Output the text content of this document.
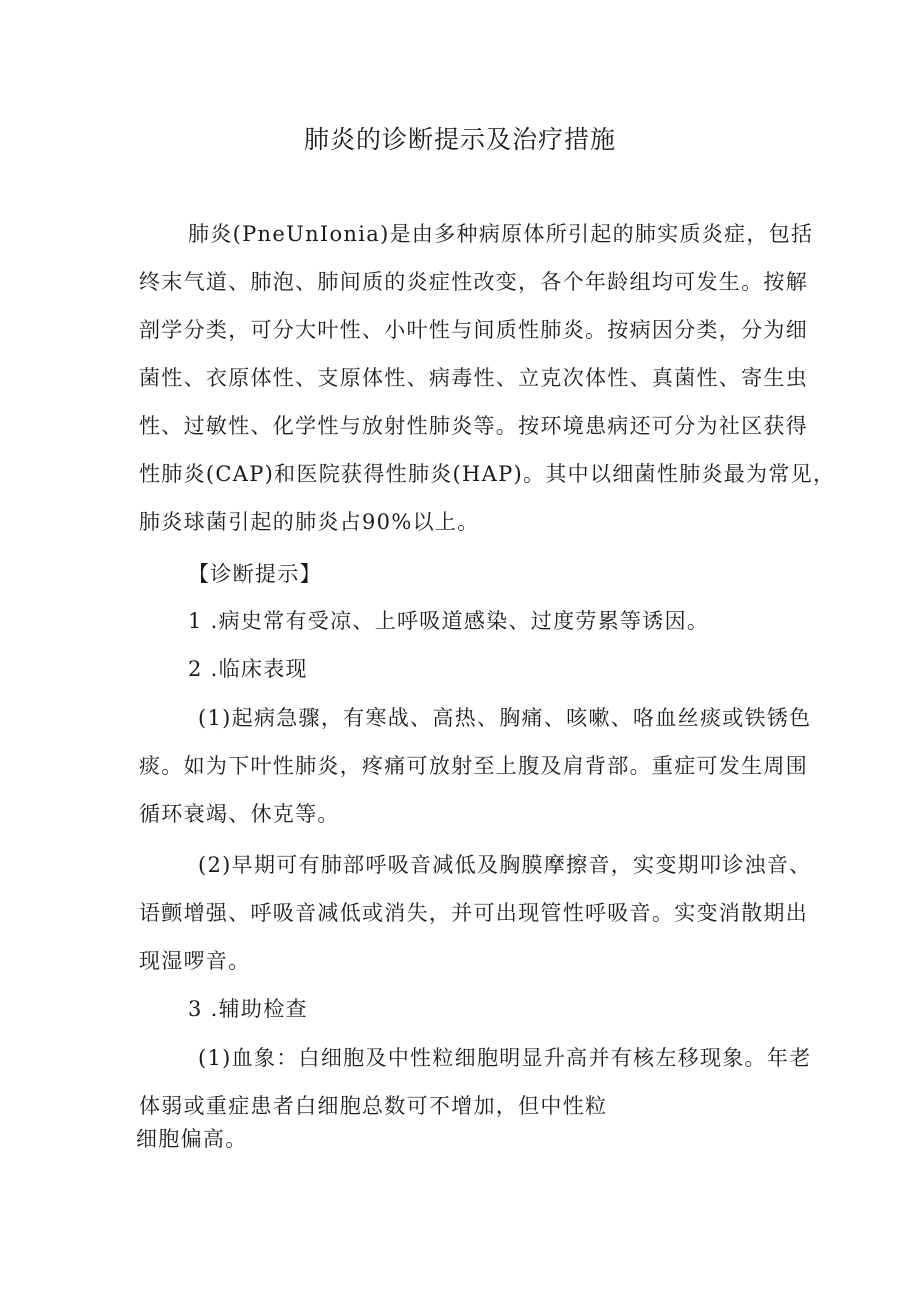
肺炎的诊断提示及治疗措施
肺炎(PneUnIonia)是由多种病原体所引起的肺实质炎症，包括
终末气道、肺泡、肺间质的炎症性改变，各个年龄组均可发生。按解
剖学分类，可分大叶性、小叶性与间质性肺炎。按病因分类，分为细
菌性、衣原体性、支原体性、病毒性、立克次体性、真菌性、寄生虫
性、过敏性、化学性与放射性肺炎等。按环境患病还可分为社区获得
性肺炎(CAP)和医院获得性肺炎(HAP)。其中以细菌性肺炎最为常见，
肺炎球菌引起的肺炎占90%以上。
【诊断提示】
1 .病史常有受凉、上呼吸道感染、过度劳累等诱因。
2 .临床表现
(1)起病急骤，有寒战、高热、胸痛、咳嗽、咯血丝痰或铁锈色
痰。如为下叶性肺炎，疼痛可放射至上腹及肩背部。重症可发生周围
循环衰竭、休克等。
(2)早期可有肺部呼吸音减低及胸膜摩擦音，实变期叩诊浊音、
语颤增强、呼吸音减低或消失，并可出现管性呼吸音。实变消散期出
现湿啰音。
3 .辅助检查
(1)血象：白细胞及中性粒细胞明显升高并有核左移现象。年老
体弱或重症患者白细胞总数可不增加，但中性粒
细胞偏高。
